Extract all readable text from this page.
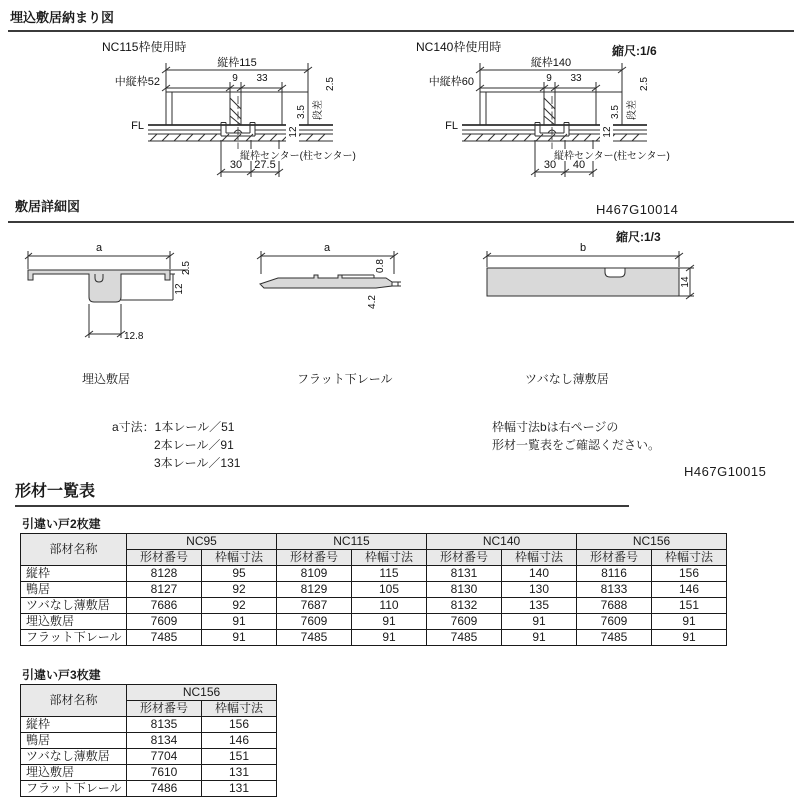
埋込敷居納まり図
縮尺:1/6
NC115枠使用時
縦枠115
中縦枠52	9 33
FL
2.5
段差
3.5
12
縦枠センター(柱センター)
30 27.5
NC140枠使用時
縦枠140
中縦枠60	9 33
FL
2.5
段差
3.5
12
縦枠センター(柱センター)
30 40
敷居詳細図	H467G10014
縮尺:1/3
a
2.5
12
12.8
a
0.8
4.2
b
14
埋込敷居	フラット下レール	ツバなし薄敷居
a寸法：1本レール／51
2本レール／91
3本レール／131
枠幅寸法bは右ページの
形材一覧表をご確認ください。
H467G10015
形材一覧表
引違い戸2枚建
部材名称	NC95		NC115		NC140		NC156	
	形材番号	枠幅寸法	形材番号	枠幅寸法	形材番号	枠幅寸法	形材番号	枠幅寸法
縦枠	8128	95	8109	115	8131	140	8116	156
鴨居	8127	92	8129	105	8130	130	8133	146
ツバなし薄敷居	7686	92	7687	110	8132	135	7688	151
埋込敷居	7609	91	7609	91	7609	91	7609	91
フラット下レール	7485	91	7485	91	7485	91	7485	91
引違い戸3枚建
部材名称	NC156	
	形材番号	枠幅寸法
縦枠	8135	156
鴨居	8134	146
ツバなし薄敷居	7704	151
埋込敷居	7610	131
フラット下レール	7486	131
